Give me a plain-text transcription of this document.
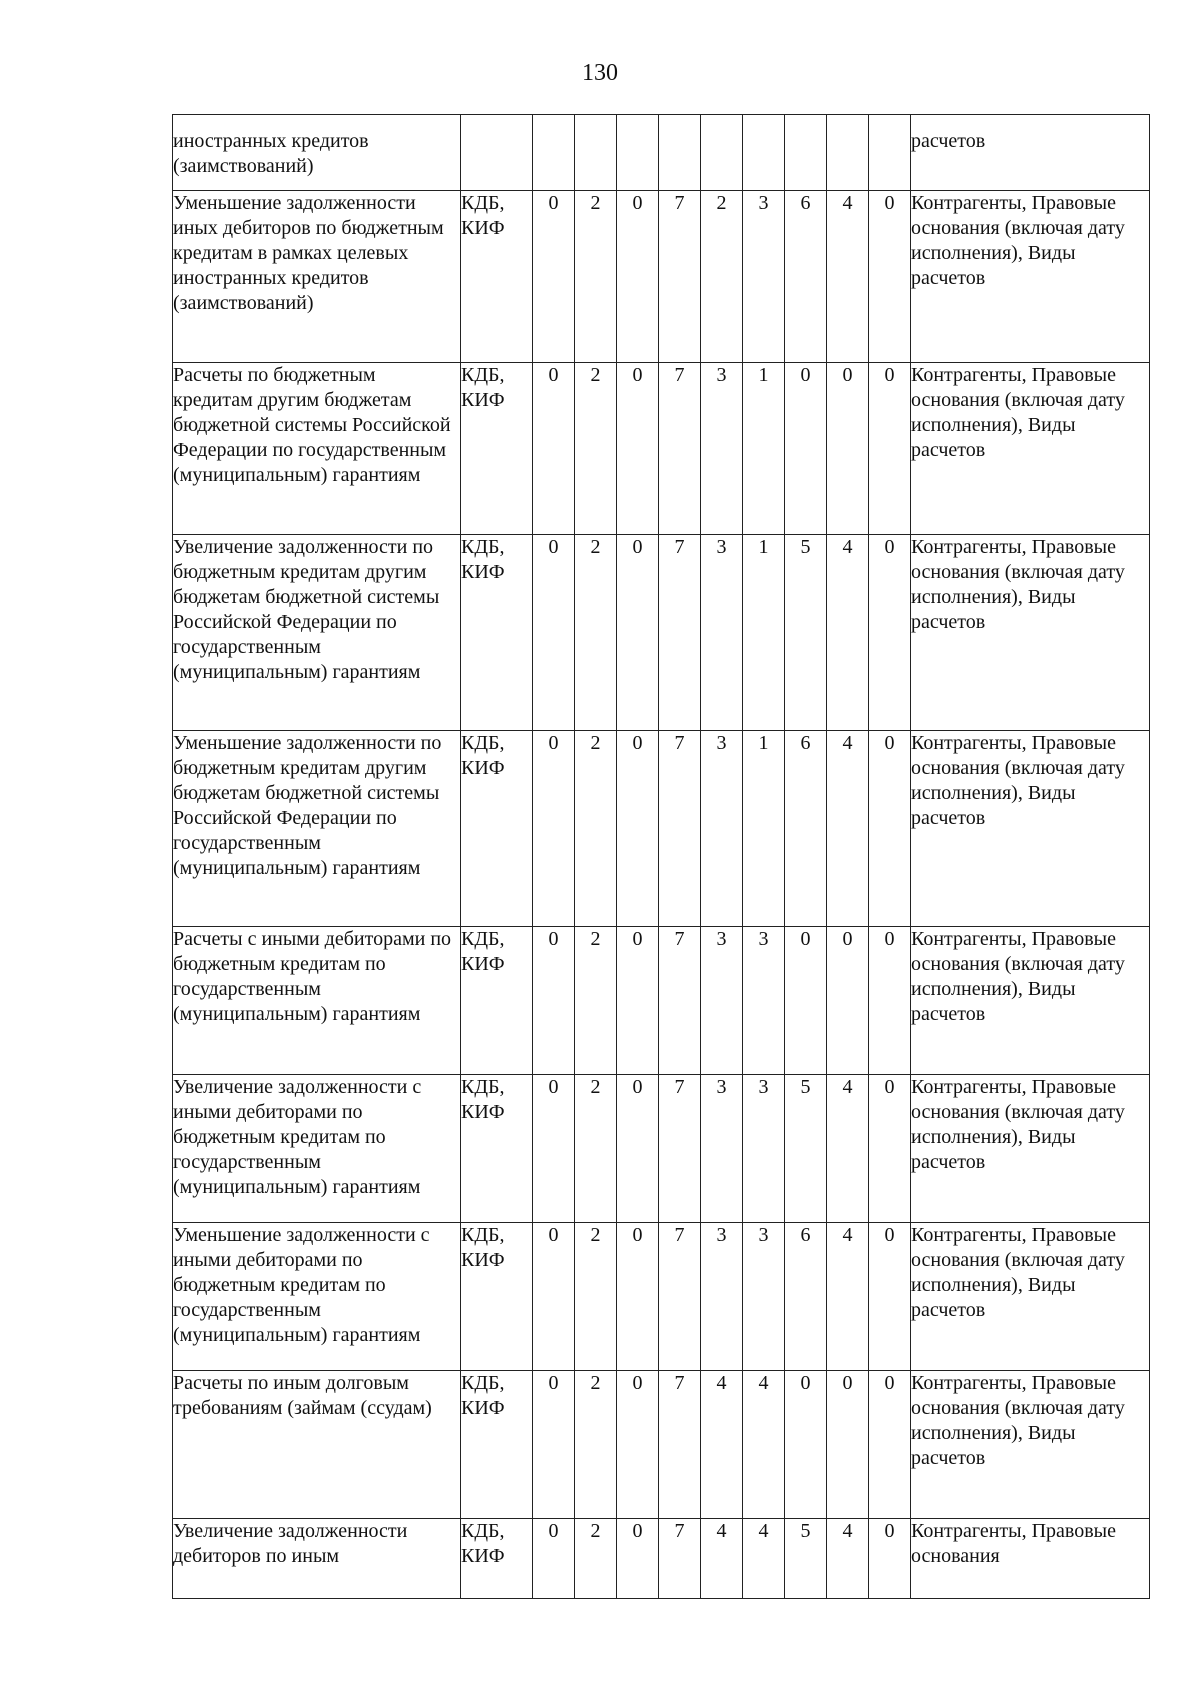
130
иностранных кредитов (заимствований)											расчетов
Уменьшение задолженности иных дебиторов по бюджетным кредитам в рамках целевых иностранных кредитов (заимствований)	КДБ, КИФ	0	2	0	7	2	3	6	4	0	Контрагенты, Правовые основания (включая дату исполнения), Виды расчетов
Расчеты по бюджетным кредитам другим бюджетам бюджетной системы Российской Федерации по государственным (муниципальным) гарантиям	КДБ, КИФ	0	2	0	7	3	1	0	0	0	Контрагенты, Правовые основания (включая дату исполнения), Виды расчетов
Увеличение задолженности по бюджетным кредитам другим бюджетам бюджетной системы Российской Федерации по государственным (муниципальным) гарантиям	КДБ, КИФ	0	2	0	7	3	1	5	4	0	Контрагенты, Правовые основания (включая дату исполнения), Виды расчетов
Уменьшение задолженности по бюджетным кредитам другим бюджетам бюджетной системы Российской Федерации по государственным (муниципальным) гарантиям	КДБ, КИФ	0	2	0	7	3	1	6	4	0	Контрагенты, Правовые основания (включая дату исполнения), Виды расчетов
Расчеты с иными дебиторами по бюджетным кредитам по государственным (муниципальным) гарантиям	КДБ, КИФ	0	2	0	7	3	3	0	0	0	Контрагенты, Правовые основания (включая дату исполнения), Виды расчетов
Увеличение задолженности с иными дебиторами по бюджетным кредитам по государственным (муниципальным) гарантиям	КДБ, КИФ	0	2	0	7	3	3	5	4	0	Контрагенты, Правовые основания (включая дату исполнения), Виды расчетов
Уменьшение задолженности с иными дебиторами по бюджетным кредитам по государственным (муниципальным) гарантиям	КДБ, КИФ	0	2	0	7	3	3	6	4	0	Контрагенты, Правовые основания (включая дату исполнения), Виды расчетов
Расчеты по иным долговым требованиям (займам (ссудам)	КДБ, КИФ	0	2	0	7	4	4	0	0	0	Контрагенты, Правовые основания (включая дату исполнения), Виды расчетов
Увеличение задолженности дебиторов по иным	КДБ, КИФ	0	2	0	7	4	4	5	4	0	Контрагенты, Правовые основания
